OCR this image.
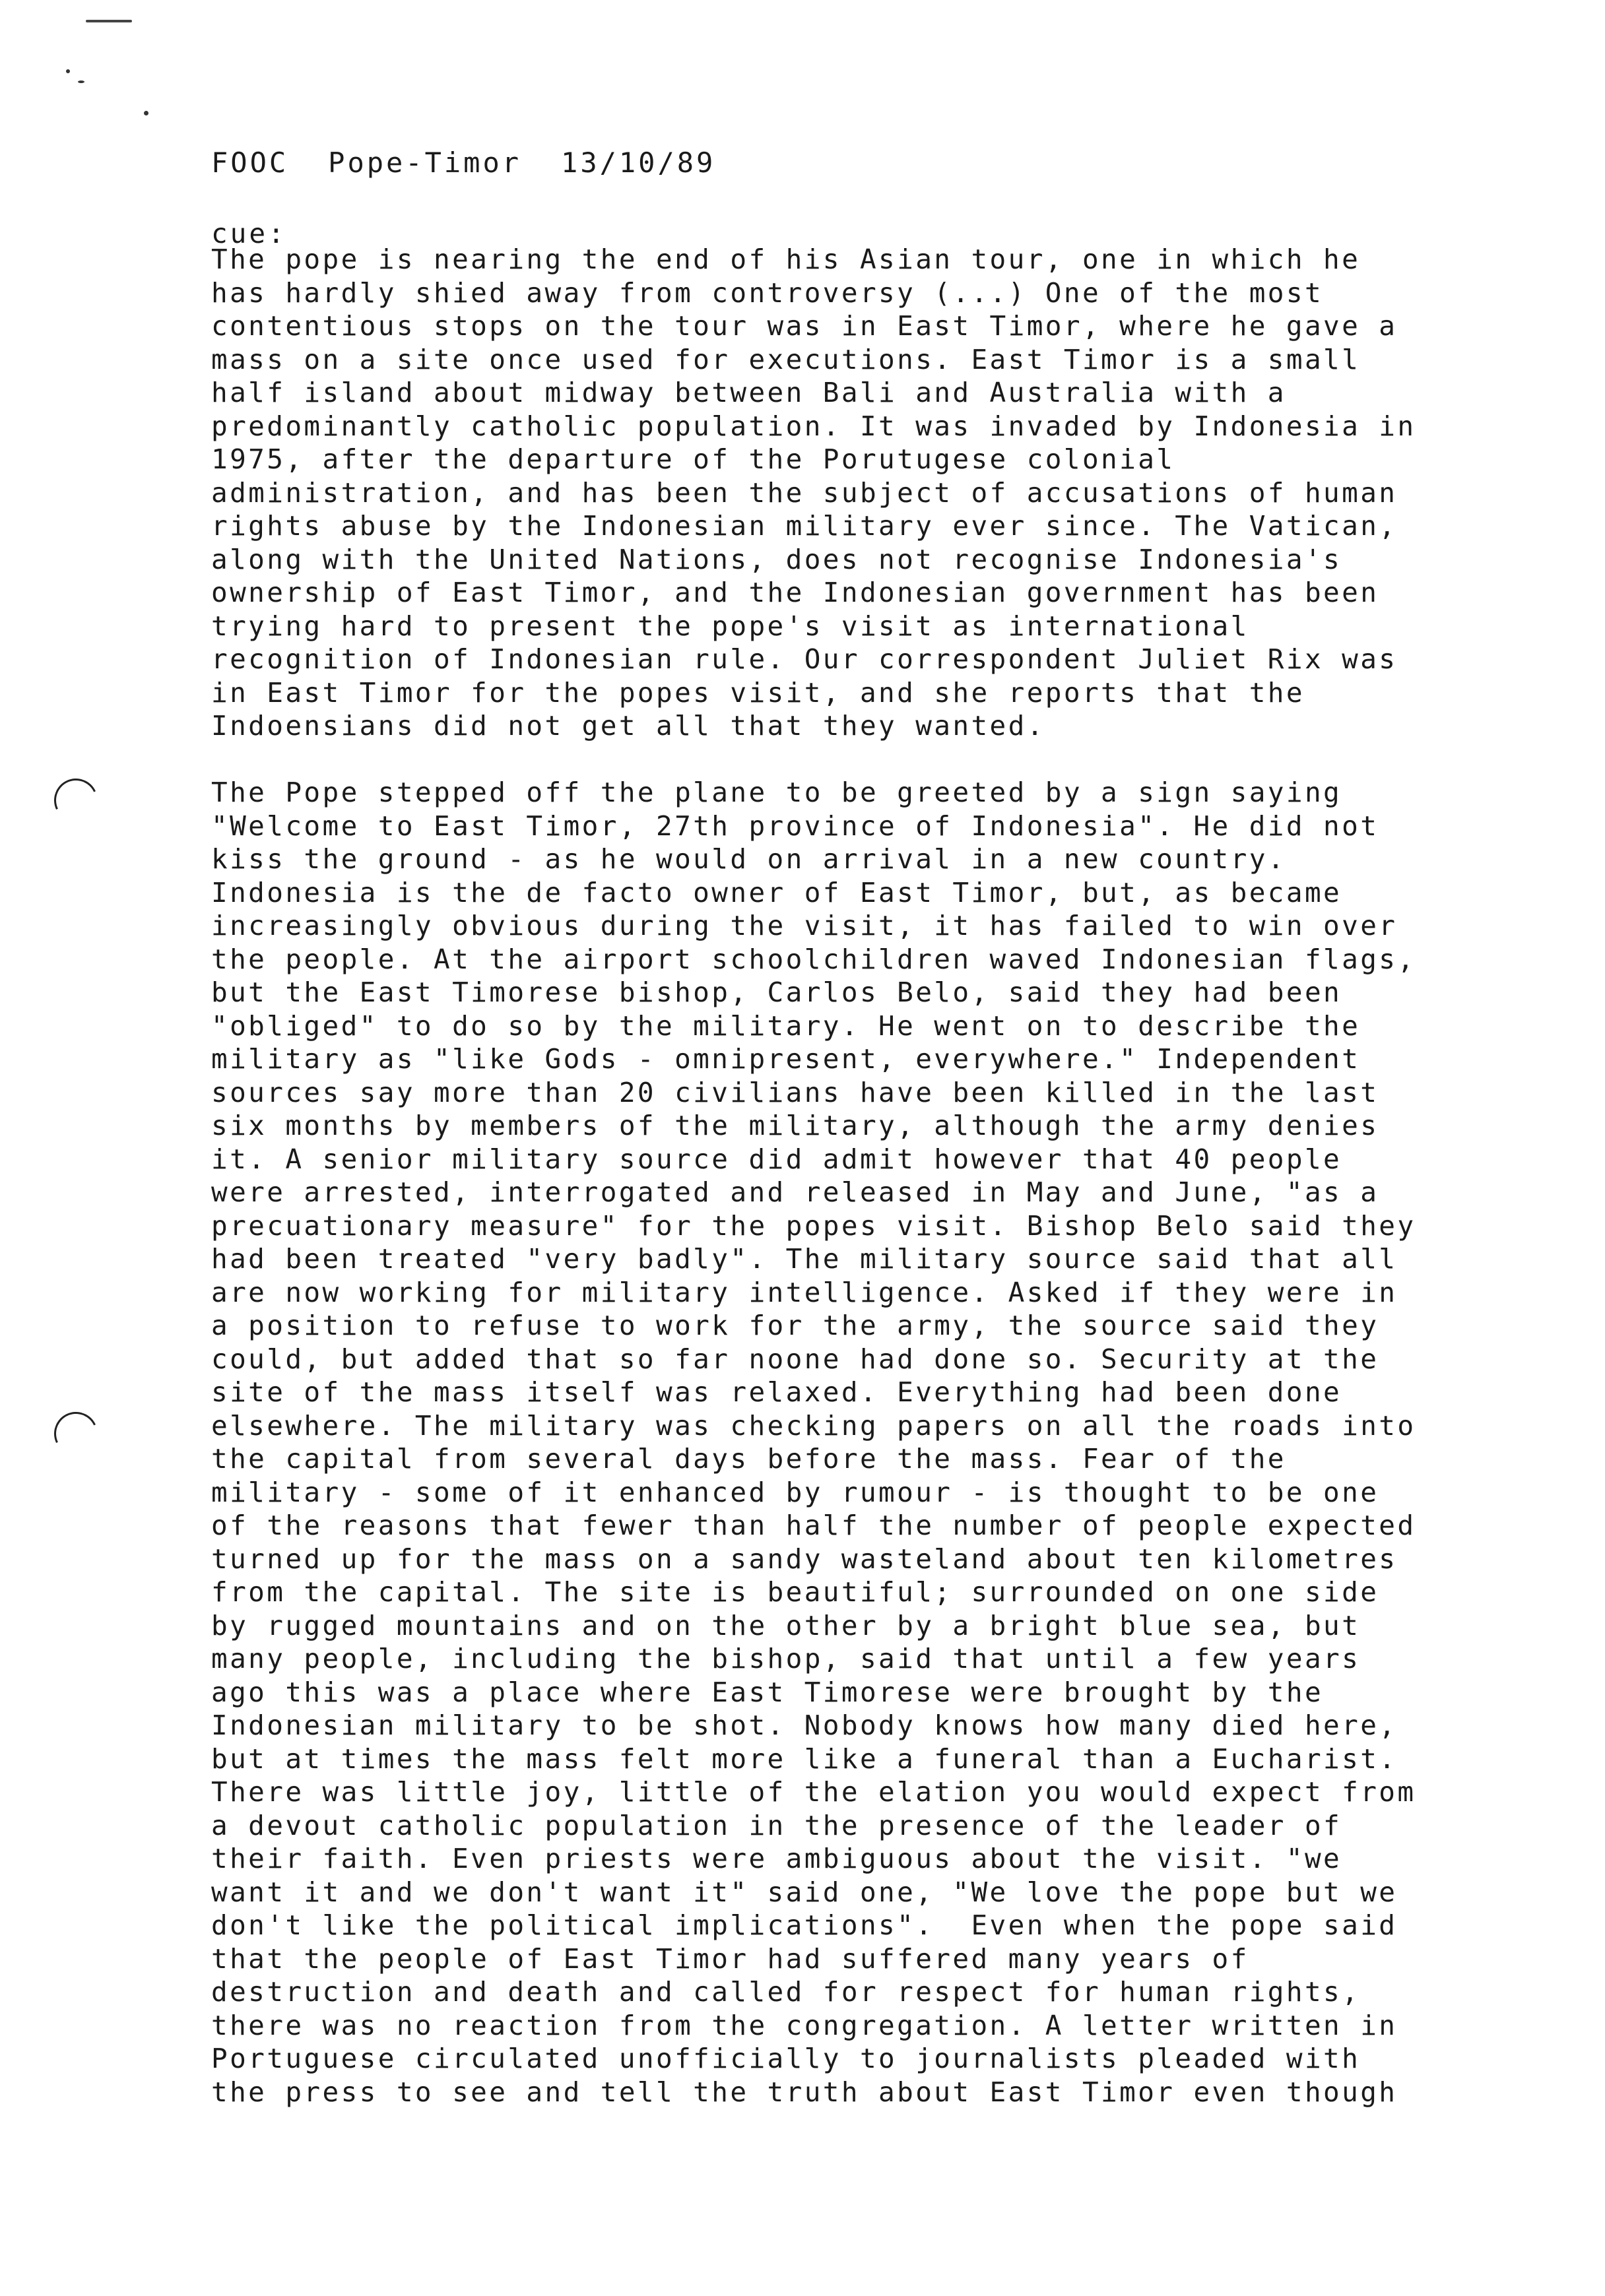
FOOC Pope-Timor 13/10/89
cue:
The pope is nearing the end of his Asian tour, one in which he
has hardly shied away from controversy (...) One of the most
contentious stops on the tour was in East Timor, where he gave a
mass on a site once used for executions. East Timor is a small
half island about midway between Bali and Australia with a
predominantly catholic population. It was invaded by Indonesia in
1975, after the departure of the Porutugese colonial
administration, and has been the subject of accusations of human
rights abuse by the Indonesian military ever since. The Vatican,
along with the United Nations, does not recognise Indonesia's
ownership of East Timor, and the Indonesian government has been
trying hard to present the pope's visit as international
recognition of Indonesian rule. Our correspondent Juliet Rix was
in East Timor for the popes visit, and she reports that the
Indoensians did not get all that they wanted.
The Pope stepped off the plane to be greeted by a sign saying
"Welcome to East Timor, 27th province of Indonesia". He did not
kiss the ground - as he would on arrival in a new country.
Indonesia is the de facto owner of East Timor, but, as became
increasingly obvious during the visit, it has failed to win over
the people. At the airport schoolchildren waved Indonesian flags,
but the East Timorese bishop, Carlos Belo, said they had been
"obliged" to do so by the military. He went on to describe the
military as "like Gods - omnipresent, everywhere." Independent
sources say more than 20 civilians have been killed in the last
six months by members of the military, although the army denies
it. A senior military source did admit however that 40 people
were arrested, interrogated and released in May and June, "as a
precuationary measure" for the popes visit. Bishop Belo said they
had been treated "very badly". The military source said that all
are now working for military intelligence. Asked if they were in
a position to refuse to work for the army, the source said they
could, but added that so far noone had done so. Security at the
site of the mass itself was relaxed. Everything had been done
elsewhere. The military was checking papers on all the roads into
the capital from several days before the mass. Fear of the
military - some of it enhanced by rumour - is thought to be one
of the reasons that fewer than half the number of people expected
turned up for the mass on a sandy wasteland about ten kilometres
from the capital. The site is beautiful; surrounded on one side
by rugged mountains and on the other by a bright blue sea, but
many people, including the bishop, said that until a few years
ago this was a place where East Timorese were brought by the
Indonesian military to be shot. Nobody knows how many died here,
but at times the mass felt more like a funeral than a Eucharist.
There was little joy, little of the elation you would expect from
a devout catholic population in the presence of the leader of
their faith. Even priests were ambiguous about the visit. "we
want it and we don't want it" said one, "We love the pope but we
don't like the political implications".  Even when the pope said
that the people of East Timor had suffered many years of
destruction and death and called for respect for human rights,
there was no reaction from the congregation. A letter written in
Portuguese circulated unofficially to journalists pleaded with
the press to see and tell the truth about East Timor even though
